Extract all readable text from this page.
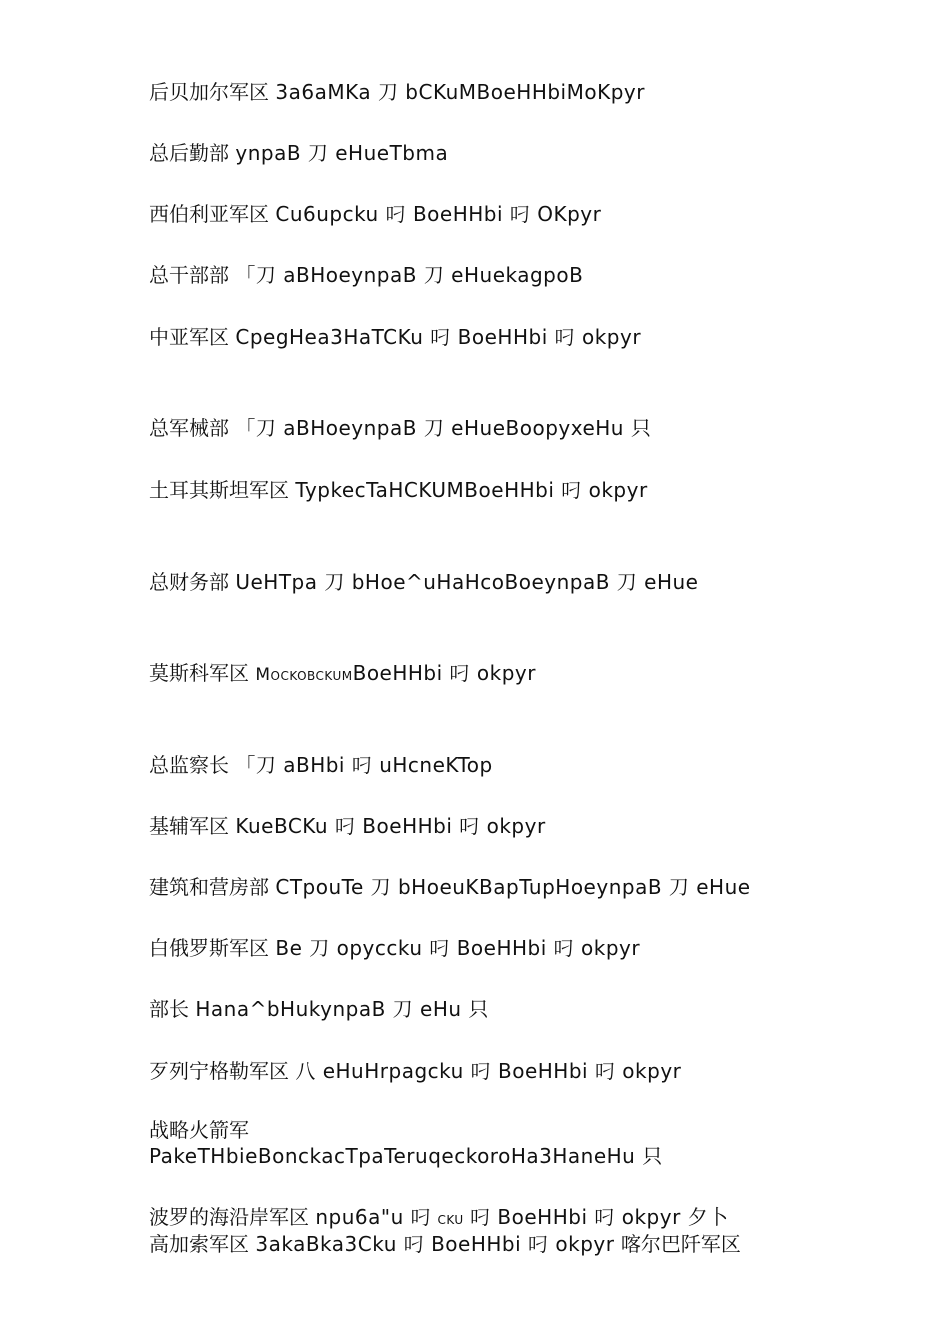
后贝加尔军区 3a6aMKa 刀 bCKuMBoeHHbiMoKpyr
总后勤部 ynpaB 刀 eHueTbma
西伯利亚军区 Cu6upcku 叼 BoeHHbi 叼 OKpyr
总干部部 「刀 aBHoeynpaB 刀 eHuekagpoB
中亚军区 CpegHea3HaTCKu 叼 BoeHHbi 叼 okpyr
总军械部 「刀 aBHoeynpaB 刀 eHueBoopyxeHu 只
土耳其斯坦军区 TypkecTaHCKUMBoeHHbi 叼 okpyr
总财务部 UeHTpa 刀 bHoe^uHaHcoBoeynpaB 刀 eHue
莫斯科军区 MockobckumBoeHHbi 叼 okpyr
总监察长 「刀 aBHbi 叼 uHcneKTop
基辅军区 KueBCKu 叼 BoeHHbi 叼 okpyr
建筑和营房部 CTpouTe 刀 bHoeuKBapTupHoeynpaB 刀 eHue
白俄罗斯军区 Be 刀 opyccku 叼 BoeHHbi 叼 okpyr
部长 Hana^bHukynpaB 刀 eHu 只
歹列宁格勒军区 八 eHuHrpagcku 叼 BoeHHbi 叼 okpyr
战略火箭军
PakeTHbieBonckacTpaTeruqeckoroHa3HaneHu 只
波罗的海沿岸军区 npu6a"u 叼 cku 叼 BoeHHbi 叼 okpyr 夕卜
高加索军区 3akaBka3Cku 叼 BoeHHbi 叼 okpyr 喀尔巴阡军区
